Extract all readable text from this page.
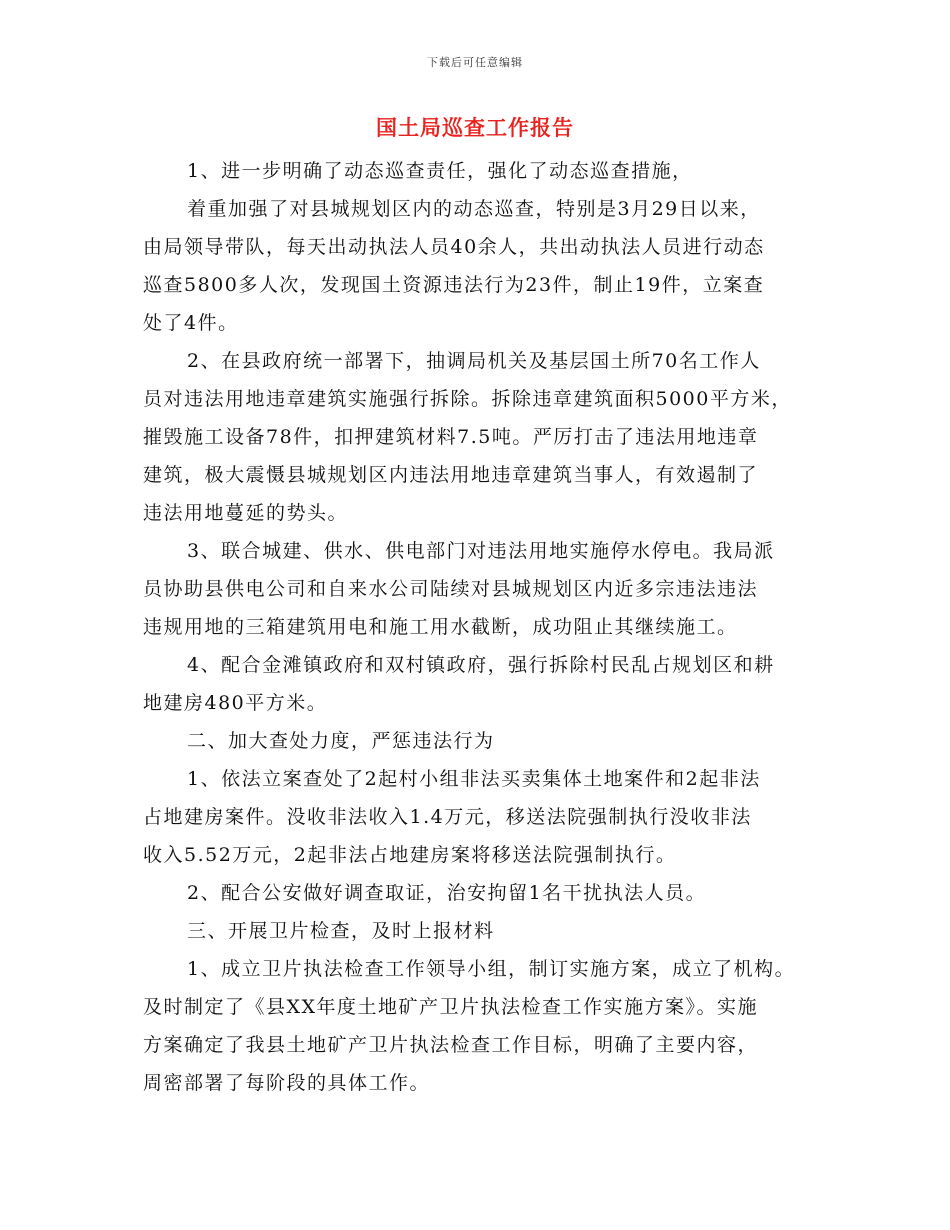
下载后可任意编辑
国土局巡查工作报告
1、进一步明确了动态巡查责任，强化了动态巡查措施，
着重加强了对县城规划区内的动态巡查，特别是3月29日以来，
由局领导带队，每天出动执法人员40余人，共出动执法人员进行动态
巡查5800多人次，发现国土资源违法行为23件，制止19件，立案查
处了4件。
2、在县政府统一部署下，抽调局机关及基层国土所70名工作人
员对违法用地违章建筑实施强行拆除。拆除违章建筑面积5000平方米，
摧毁施工设备78件，扣押建筑材料7.5吨。严厉打击了违法用地违章
建筑，极大震慑县城规划区内违法用地违章建筑当事人，有效遏制了
违法用地蔓延的势头。
3、联合城建、供水、供电部门对违法用地实施停水停电。我局派
员协助县供电公司和自来水公司陆续对县城规划区内近多宗违法违法
违规用地的三箱建筑用电和施工用水截断，成功阻止其继续施工。
4、配合金滩镇政府和双村镇政府，强行拆除村民乱占规划区和耕
地建房480平方米。
二、加大查处力度，严惩违法行为
1、依法立案查处了2起村小组非法买卖集体土地案件和2起非法
占地建房案件。没收非法收入1.4万元，移送法院强制执行没收非法
收入5.52万元，2起非法占地建房案将移送法院强制执行。
2、配合公安做好调查取证，治安拘留1名干扰执法人员。
三、开展卫片检查，及时上报材料
1、成立卫片执法检查工作领导小组，制订实施方案，成立了机构。
及时制定了《县XX年度土地矿产卫片执法检查工作实施方案》。实施
方案确定了我县土地矿产卫片执法检查工作目标，明确了主要内容，
周密部署了每阶段的具体工作。
